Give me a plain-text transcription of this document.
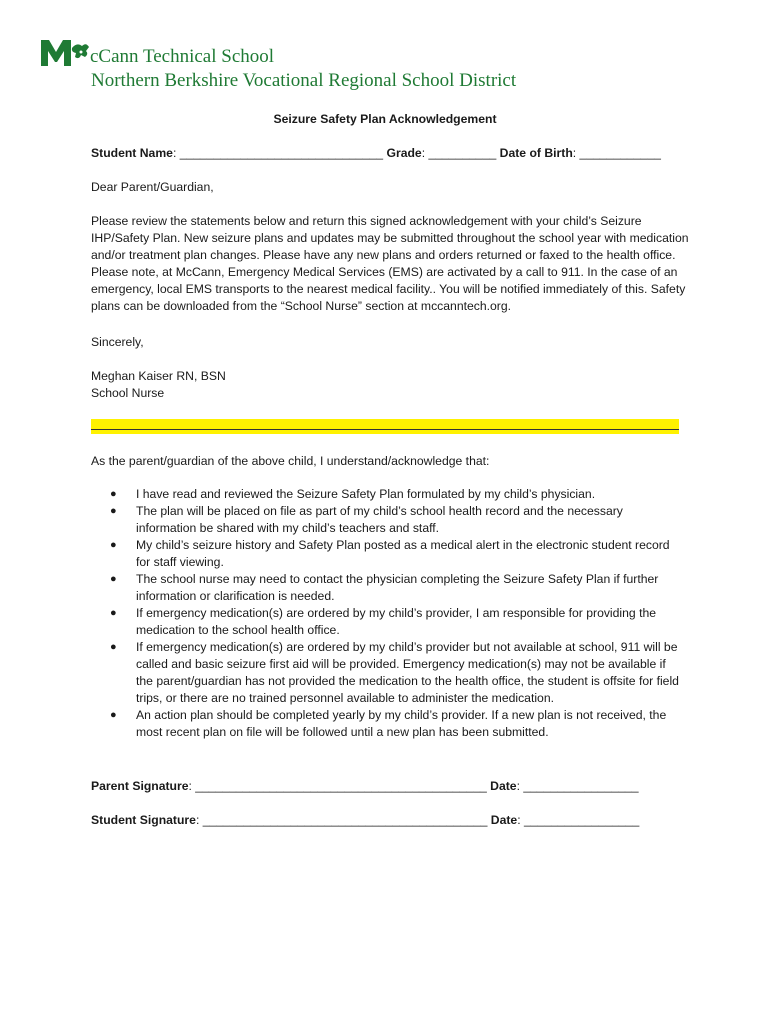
M cCann Technical School
Northern Berkshire Vocational Regional School District
Seizure Safety Plan Acknowledgement
Student Name: ______________________________ Grade: __________ Date of Birth: ____________
Dear Parent/Guardian,
Please review the statements below and return this signed acknowledgement with your child’s Seizure IHP/Safety Plan. New seizure plans and updates may be submitted throughout the school year with medication and/or treatment plan changes. Please have any new plans and orders returned or faxed to the health office. Please note, at McCann, Emergency Medical Services (EMS) are activated by a call to 911. In the case of an emergency, local EMS transports to the nearest medical facility.. You will be notified immediately of this. Safety plans can be downloaded from the “School Nurse” section at mccanntech.org.
Sincerely,
Meghan Kaiser RN, BSN
School Nurse
As the parent/guardian of the above child, I understand/acknowledge that:
● I have read and reviewed the Seizure Safety Plan formulated by my child’s physician.
● The plan will be placed on file as part of my child’s school health record and the necessary information be shared with my child’s teachers and staff.
● My child’s seizure history and Safety Plan posted as a medical alert in the electronic student record for staff viewing.
● The school nurse may need to contact the physician completing the Seizure Safety Plan if further information or clarification is needed.
● If emergency medication(s) are ordered by my child’s provider, I am responsible for providing the medication to the school health office.
● If emergency medication(s) are ordered by my child’s provider but not available at school, 911 will be called and basic seizure first aid will be provided. Emergency medication(s) may not be available if the parent/guardian has not provided the medication to the health office, the student is offsite for field trips, or there are no trained personnel available to administer the medication.
● An action plan should be completed yearly by my child’s provider. If a new plan is not received, the most recent plan on file will be followed until a new plan has been submitted.
Parent Signature: ___________________________________________ Date: _________________
Student Signature: __________________________________________ Date: _________________
